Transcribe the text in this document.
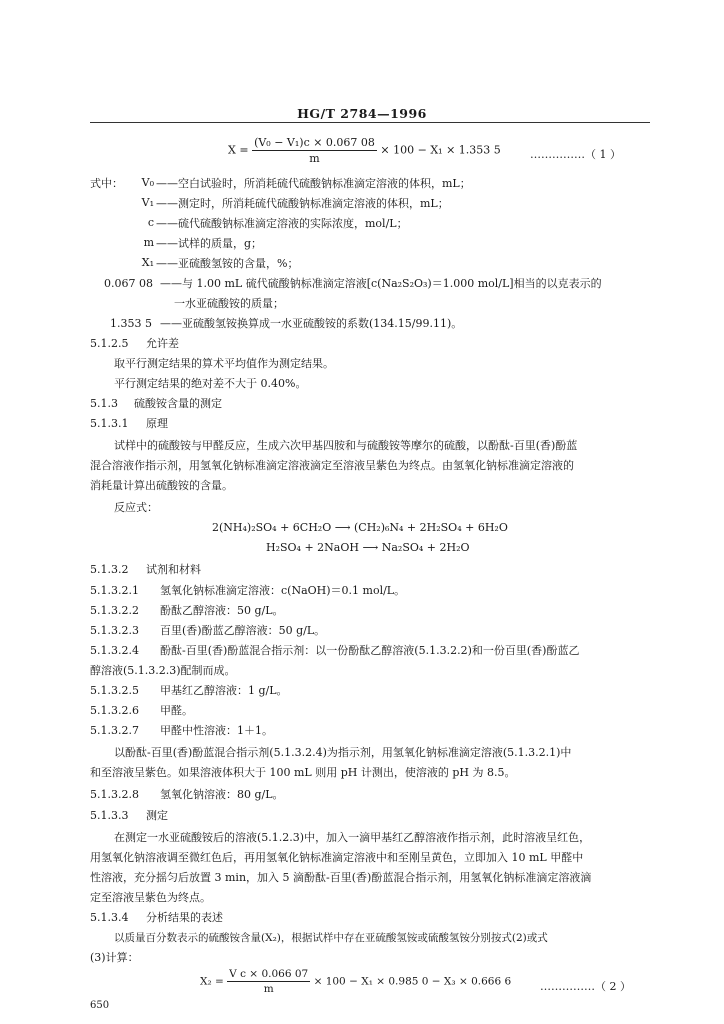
HG/T 2784—1996
$X = \frac{\text{(V₀ − V₁)c × 0.067 08}}{m} \times 100 - X_1 \times 1.353$ 5	……………（ 1 ）
式中：	V₀ ——空白试验时，所消耗硫代硫酸钠标准滴定溶液的体积，mL；
V₁ ——测定时，所消耗硫代硫酸钠标准滴定溶液的体积，mL；
c ——硫代硫酸钠标准滴定溶液的实际浓度，mol/L；
m ——试样的质量，g；
X₁ ——亚硫酸氢铵的含量，%；
0.067 08 ——与 1.00 mL 硫代硫酸钠标准滴定溶液[c(Na₂S₂O₃)＝1.000 mol/L]相当的以克表示的
一水亚硫酸铵的质量；
1.353 5 ——亚硫酸氢铵换算成一水亚硫酸铵的系数(134.15/99.11)。
5.1.2.5 允许差
取平行测定结果的算术平均值作为测定结果。
平行测定结果的绝对差不大于 0.40%。
5.1.3 硫酸铵含量的测定
5.1.3.1 原理
试样中的硫酸铵与甲醛反应，生成六次甲基四胺和与硫酸铵等摩尔的硫酸，以酚酞-百里(香)酚蓝
混合溶液作指示剂，用氢氧化钠标准滴定溶液滴定至溶液呈紫色为终点。由氢氧化钠标准滴定溶液的
消耗量计算出硫酸铵的含量。
反应式：
2(NH₄)₂SO₄ + 6CH₂O ⟶ (CH₂)₆N₄ + 2H₂SO₄ + 6H₂O
H₂SO₄ + 2NaOH ⟶ Na₂SO₄ + 2H₂O
5.1.3.2 试剂和材料
5.1.3.2.1 氢氧化钠标准滴定溶液：c(NaOH)＝0.1 mol/L。
5.1.3.2.2 酚酞乙醇溶液：50 g/L。
5.1.3.2.3 百里(香)酚蓝乙醇溶液：50 g/L。
5.1.3.2.4 酚酞-百里(香)酚蓝混合指示剂：以一份酚酞乙醇溶液(5.1.3.2.2)和一份百里(香)酚蓝乙
醇溶液(5.1.3.2.3)配制而成。
5.1.3.2.5 甲基红乙醇溶液：1 g/L。
5.1.3.2.6 甲醛。
5.1.3.2.7 甲醛中性溶液：1＋1。
以酚酞-百里(香)酚蓝混合指示剂(5.1.3.2.4)为指示剂，用氢氧化钠标准滴定溶液(5.1.3.2.1)中
和至溶液呈紫色。如果溶液体积大于 100 mL 则用 pH 计测出，使溶液的 pH 为 8.5。
5.1.3.2.8 氢氧化钠溶液：80 g/L。
5.1.3.3 测定
在测定一水亚硫酸铵后的溶液(5.1.2.3)中，加入一滴甲基红乙醇溶液作指示剂，此时溶液呈红色，
用氢氧化钠溶液调至微红色后，再用氢氧化钠标准滴定溶液中和至刚呈黄色，立即加入 10 mL 甲醛中
性溶液，充分摇匀后放置 3 min，加入 5 滴酚酞-百里(香)酚蓝混合指示剂，用氢氧化钠标准滴定溶液滴
定至溶液呈紫色为终点。
5.1.3.4 分析结果的表述
以质量百分数表示的硫酸铵含量(X₂)，根据试样中存在亚硫酸氢铵或硫酸氢铵分别按式(2)或式
(3)计算：
$X_2 = \frac{\text{V c × 0.066 07}}{m} \times 100 - X_1 \times 0.985$ 0 − X₃ × 0.666 6	……………（ 2 ）
650
